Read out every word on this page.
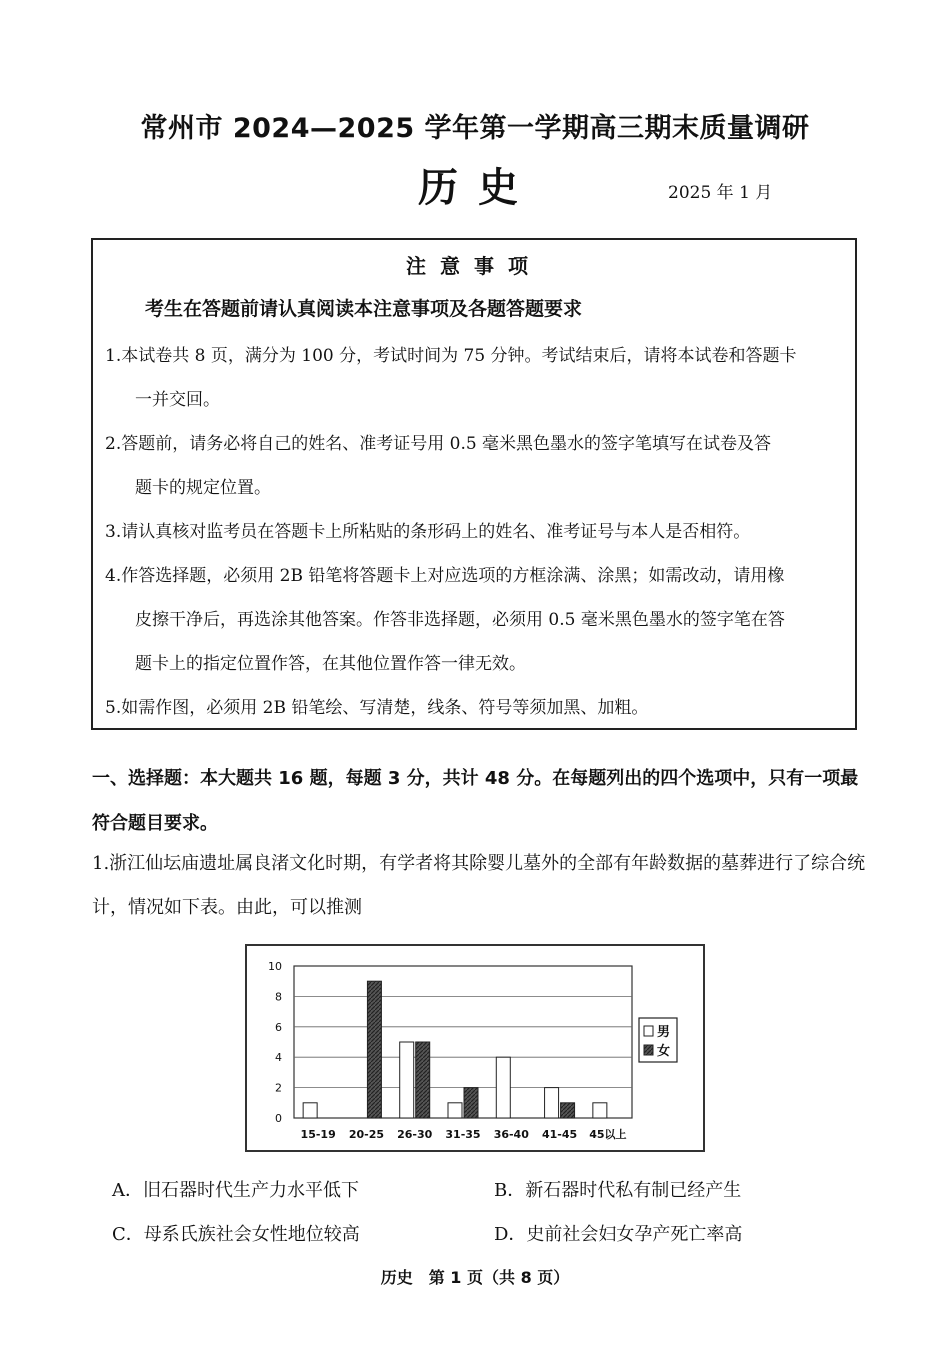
常州市 2024—2025 学年第一学期高三期末质量调研
历史	2025 年 1 月
注意事项
考生在答题前请认真阅读本注意事项及各题答题要求
1.本试卷共 8 页，满分为 100 分，考试时间为 75 分钟。考试结束后，请将本试卷和答题卡
一并交回。
2.答题前，请务必将自己的姓名、准考证号用 0.5 毫米黑色墨水的签字笔填写在试卷及答
题卡的规定位置。
3.请认真核对监考员在答题卡上所粘贴的条形码上的姓名、准考证号与本人是否相符。
4.作答选择题，必须用 2B 铅笔将答题卡上对应选项的方框涂满、涂黑；如需改动，请用橡
皮擦干净后，再选涂其他答案。作答非选择题，必须用 0.5 毫米黑色墨水的签字笔在答
题卡上的指定位置作答，在其他位置作答一律无效。
5.如需作图，必须用 2B 铅笔绘、写清楚，线条、符号等须加黑、加粗。
一、选择题：本大题共 16 题，每题 3 分，共计 48 分。在每题列出的四个选项中，只有一项最符合题目要求。
1.浙江仙坛庙遗址属良渚文化时期，有学者将其除婴儿墓外的全部有年龄数据的墓葬进行了综合统计，情况如下表。由此，可以推测
0
2
4
6
8
10
15-19 20-25 26-30 31-35 36-40 41-45 45以上
男
女
A．旧石器时代生产力水平低下	B．新石器时代私有制已经产生
C．母系氏族社会女性地位较高	D．史前社会妇女孕产死亡率高
历史　第 1 页（共 8 页）
